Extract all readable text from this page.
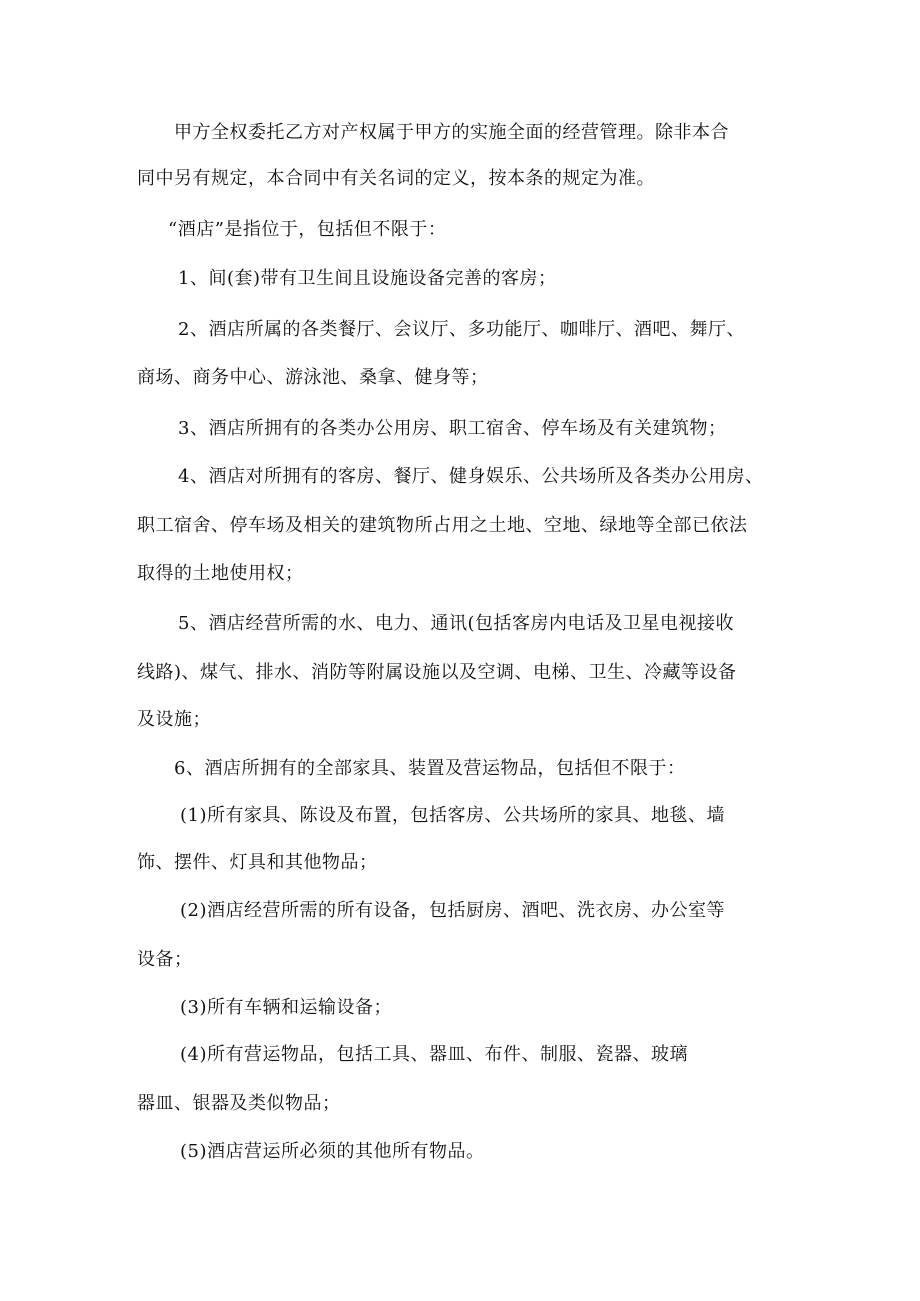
甲方全权委托乙方对产权属于甲方的实施全面的经营管理。除非本合

同中另有规定，本合同中有关名词的定义，按本条的规定为准。

“酒店”是指位于，包括但不限于：

1、间(套)带有卫生间且设施设备完善的客房；

2、酒店所属的各类餐厅、会议厅、多功能厅、咖啡厅、酒吧、舞厅、

商场、商务中心、游泳池、桑拿、健身等；

3、酒店所拥有的各类办公用房、职工宿舍、停车场及有关建筑物；

4、酒店对所拥有的客房、餐厅、健身娱乐、公共场所及各类办公用房、

职工宿舍、停车场及相关的建筑物所占用之土地、空地、绿地等全部已依法

取得的土地使用权；

5、酒店经营所需的水、电力、通讯(包括客房内电话及卫星电视接收

线路)、煤气、排水、消防等附属设施以及空调、电梯、卫生、冷藏等设备

及设施；

6、酒店所拥有的全部家具、装置及营运物品，包括但不限于：

(1)所有家具、陈设及布置，包括客房、公共场所的家具、地毯、墙

饰、摆件、灯具和其他物品；

(2)酒店经营所需的所有设备，包括厨房、酒吧、洗衣房、办公室等

设备；

(3)所有车辆和运输设备；

(4)所有营运物品，包括工具、器皿、布件、制服、瓷器、玻璃

器皿、银器及类似物品；

(5)酒店营运所必须的其他所有物品。
